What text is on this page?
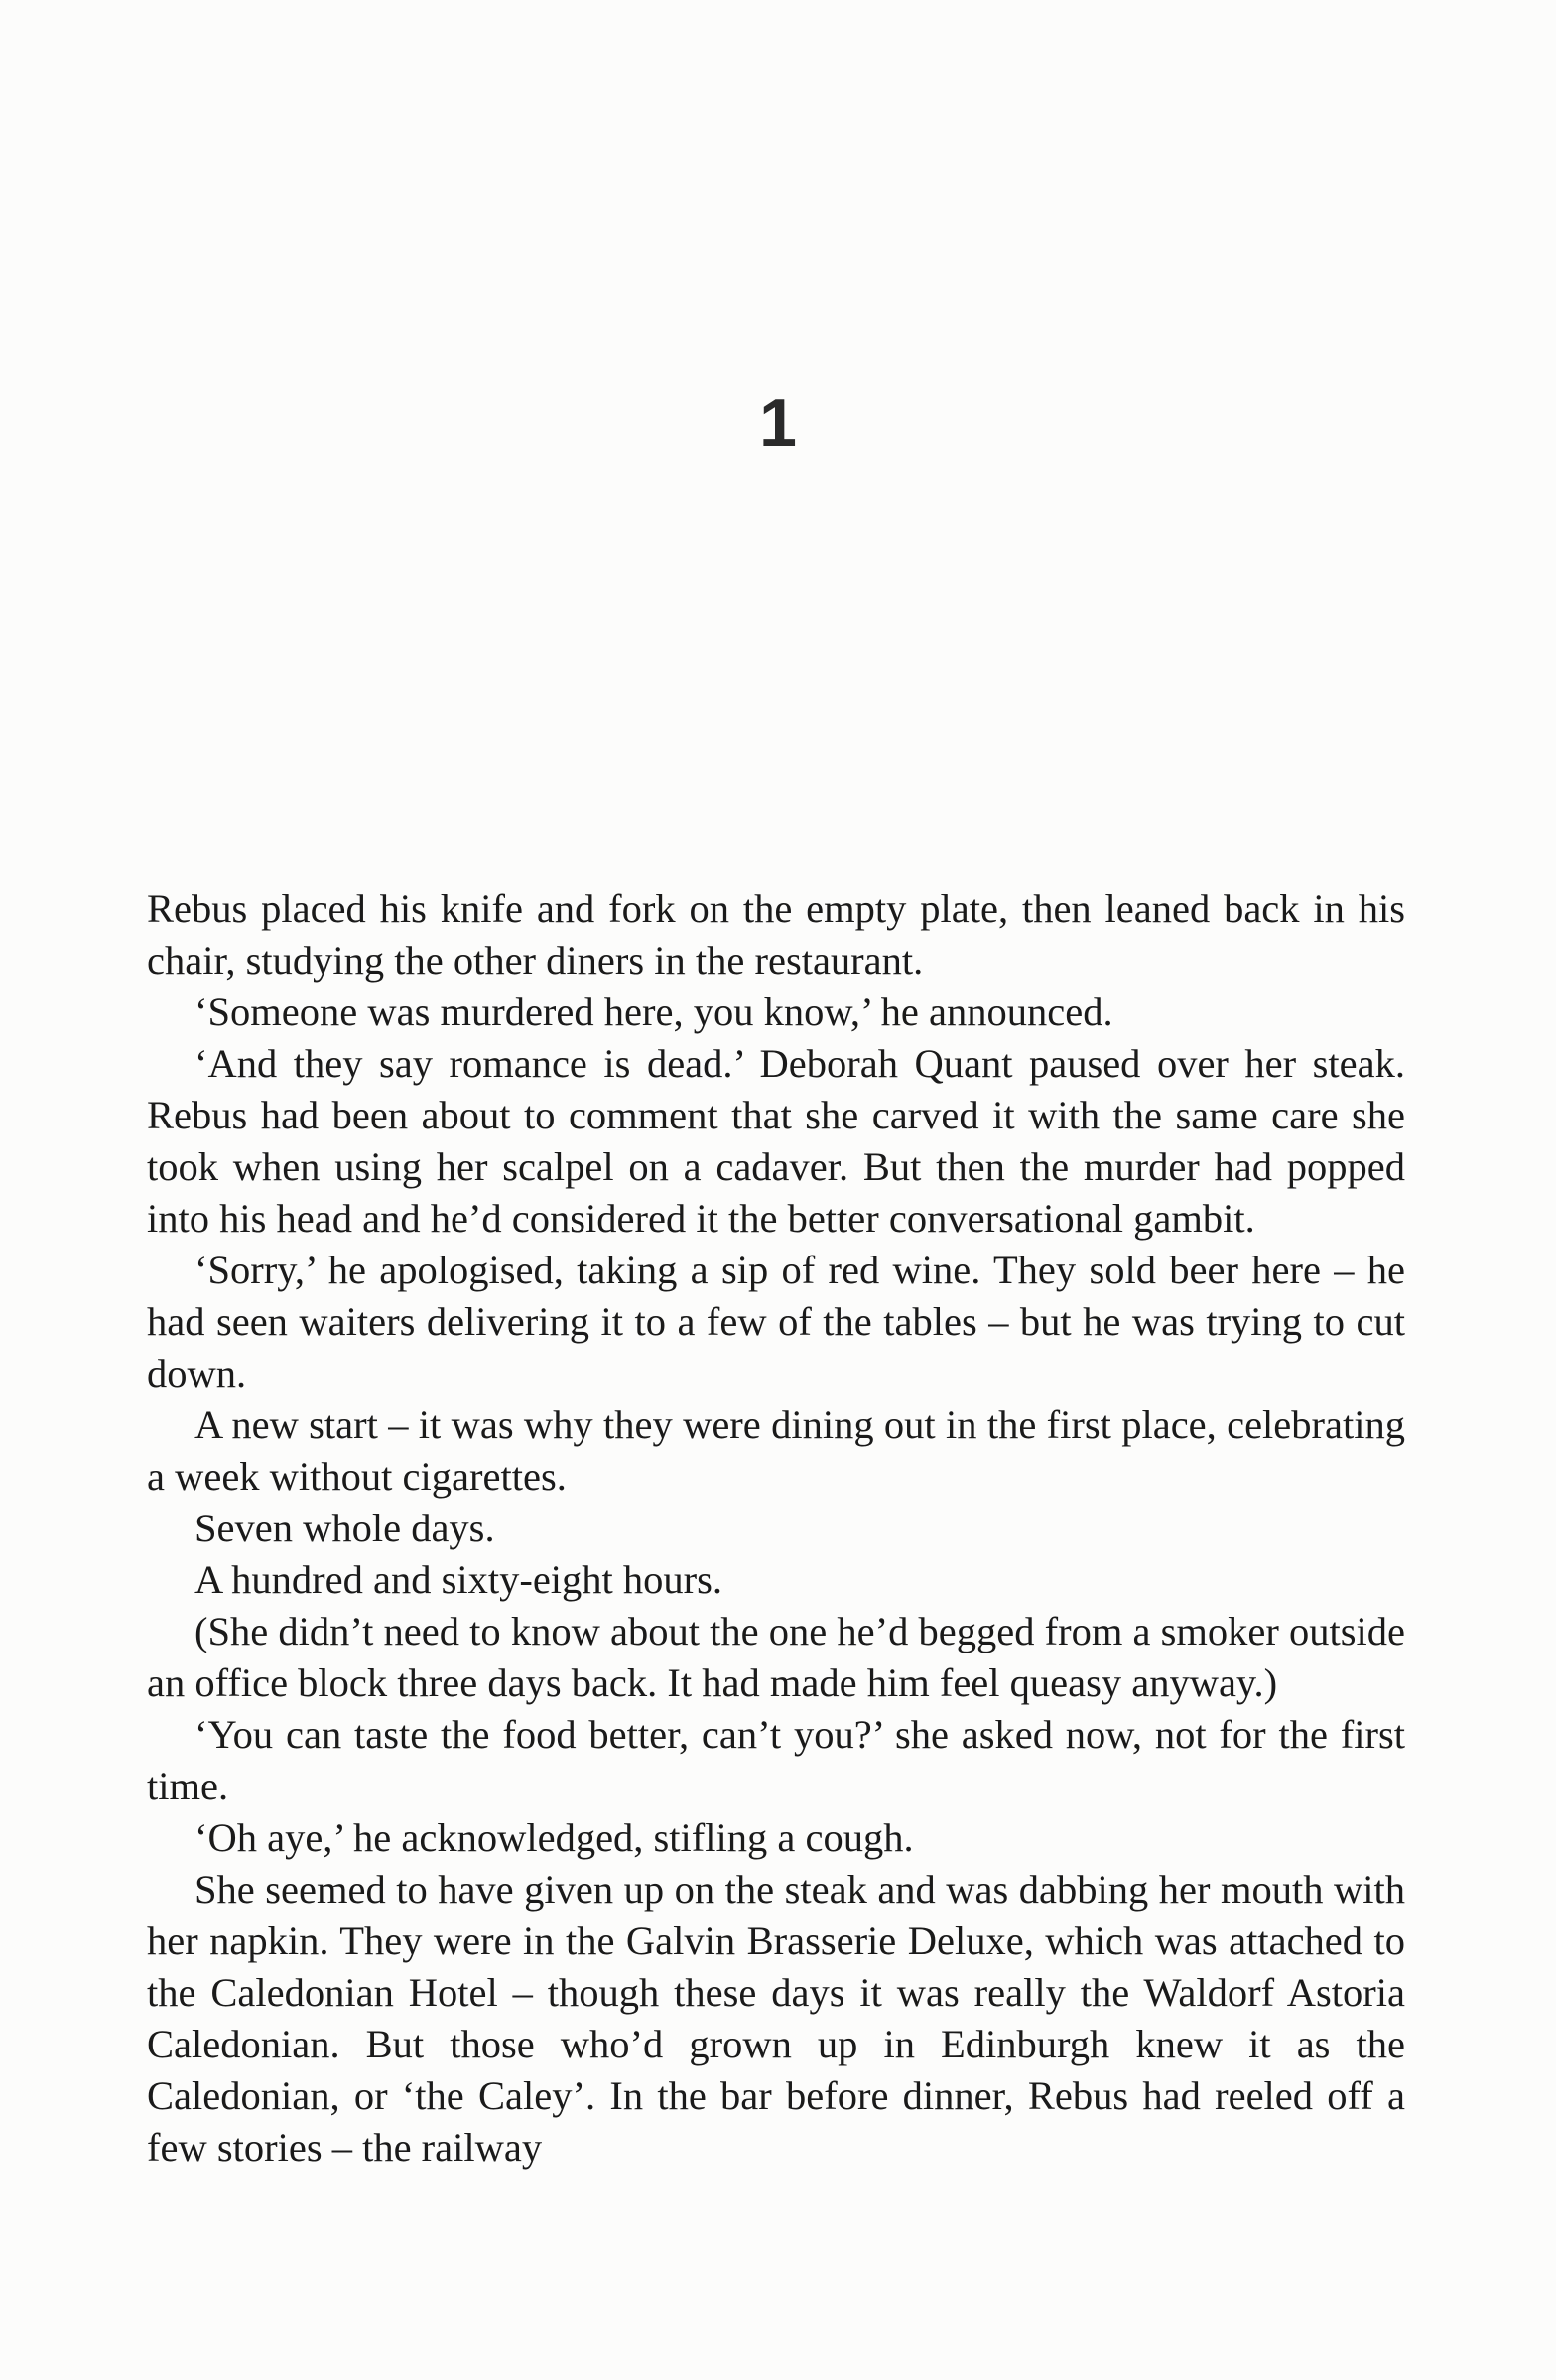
1

Rebus placed his knife and fork on the empty plate, then leaned back in his chair, studying the other diners in the restaurant.

‘Someone was murdered here, you know,’ he announced.

‘And they say romance is dead.’ Deborah Quant paused over her steak. Rebus had been about to comment that she carved it with the same care she took when using her scalpel on a cadaver. But then the murder had popped into his head and he’d considered it the better conversational gambit.

‘Sorry,’ he apologised, taking a sip of red wine. They sold beer here – he had seen waiters delivering it to a few of the tables – but he was trying to cut down.

A new start – it was why they were dining out in the first place, celebrating a week without cigarettes.

Seven whole days.

A hundred and sixty-eight hours.

(She didn’t need to know about the one he’d begged from a smoker outside an office block three days back. It had made him feel queasy anyway.)

‘You can taste the food better, can’t you?’ she asked now, not for the first time.

‘Oh aye,’ he acknowledged, stifling a cough.

She seemed to have given up on the steak and was dabbing her mouth with her napkin. They were in the Galvin Brasserie Deluxe, which was attached to the Caledonian Hotel – though these days it was really the Waldorf Astoria Caledonian. But those who’d grown up in Edinburgh knew it as the Caledonian, or ‘the Caley’. In the bar before dinner, Rebus had reeled off a few stories – the railway
